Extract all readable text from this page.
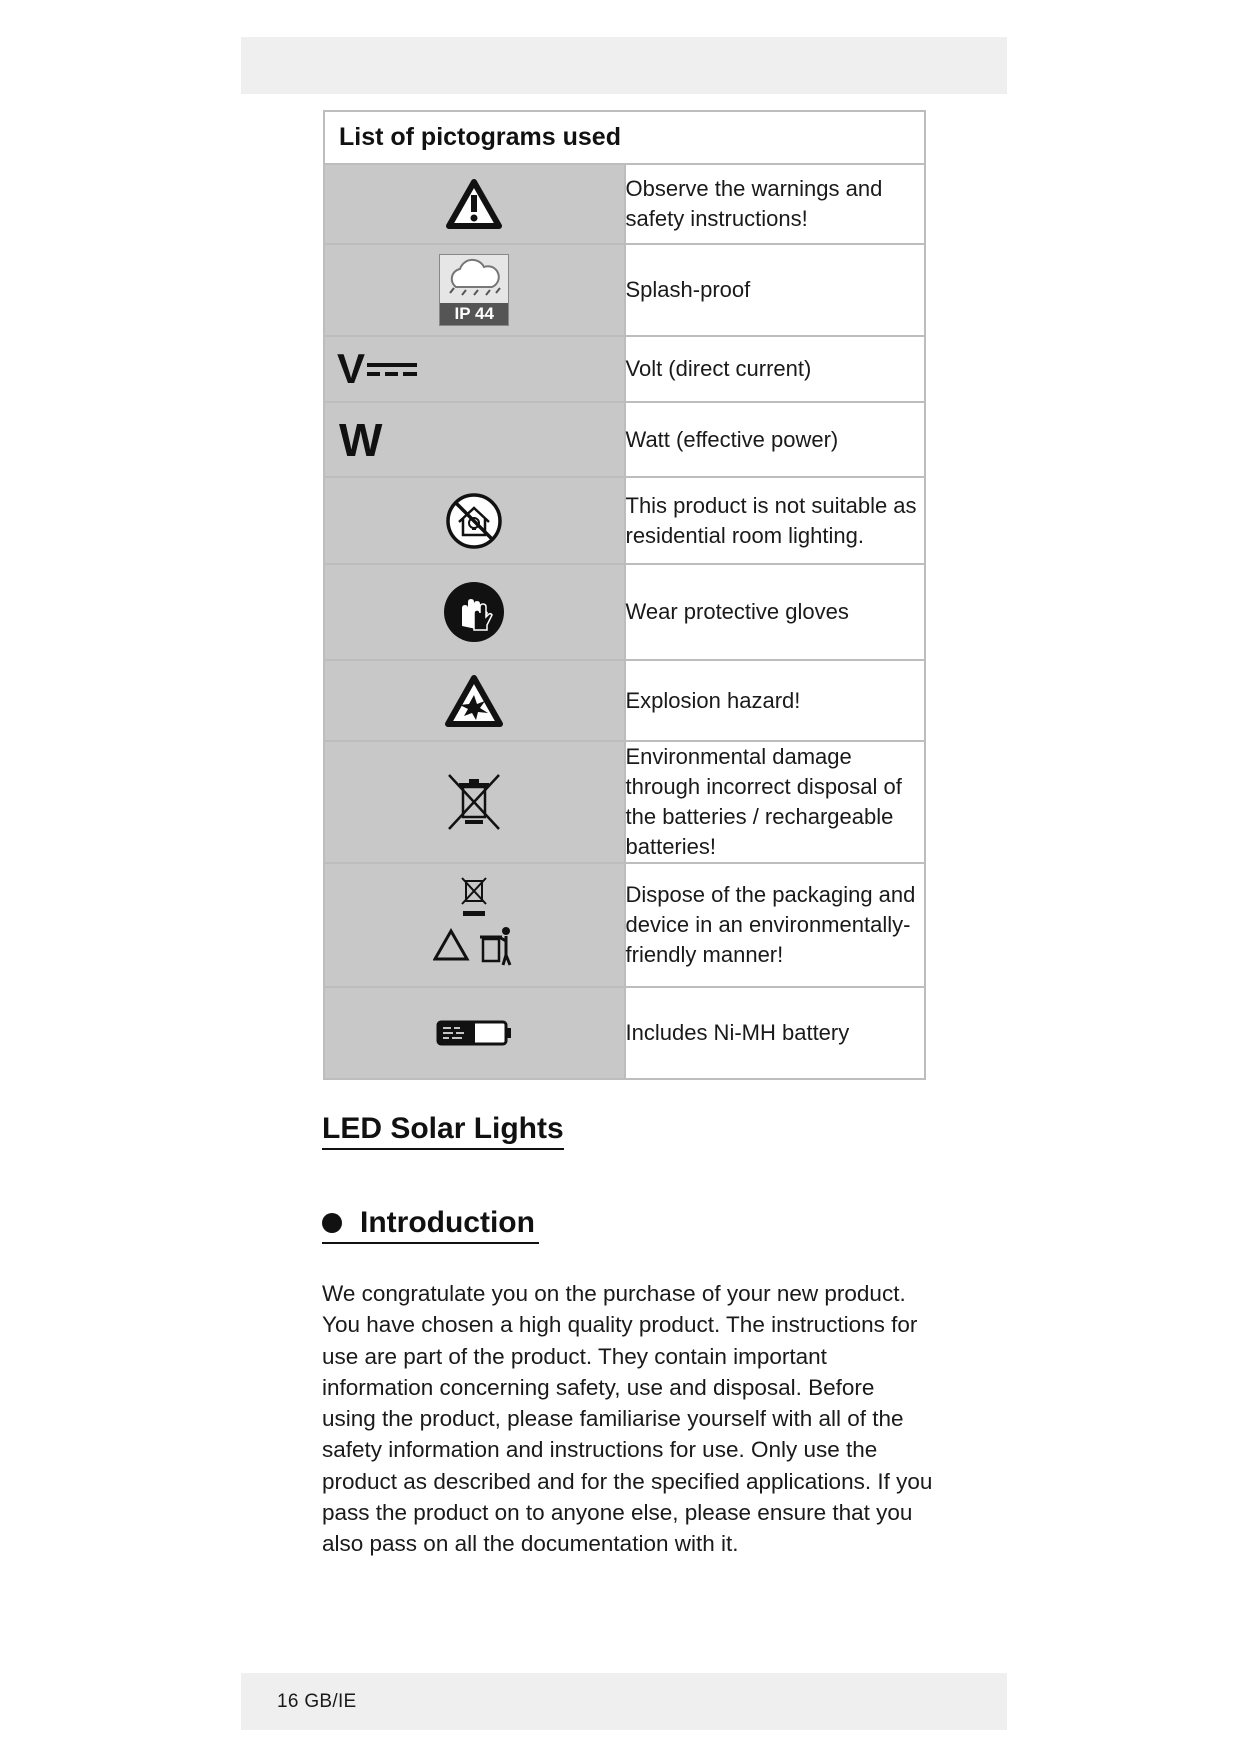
List of pictograms used	

	Observe the warnings and safety instructions!

IP 44	Splash-proof

V	Volt (direct current)
W	Watt (effective power)

	This product is not suitable as residential room lighting.

	Wear protective gloves

	Explosion hazard!

	Environmental damage through incorrect disposal of the batteries / rechargeable batteries!

	Dispose of the packaging and device in an environmentally-friendly manner!

	Includes Ni-MH battery
LED Solar Lights
Introduction

We congratulate you on the purchase of your new product. You have chosen a high quality product. The instructions for use are part of the product. They contain important information concerning safety, use and disposal. Before using the product, please familiarise yourself with all of the safety information and instructions for use. Only use the product as described and for the specified applications. If you pass the product on to anyone else, please ensure that you also pass on all the documentation with it.

16 GB/IE
